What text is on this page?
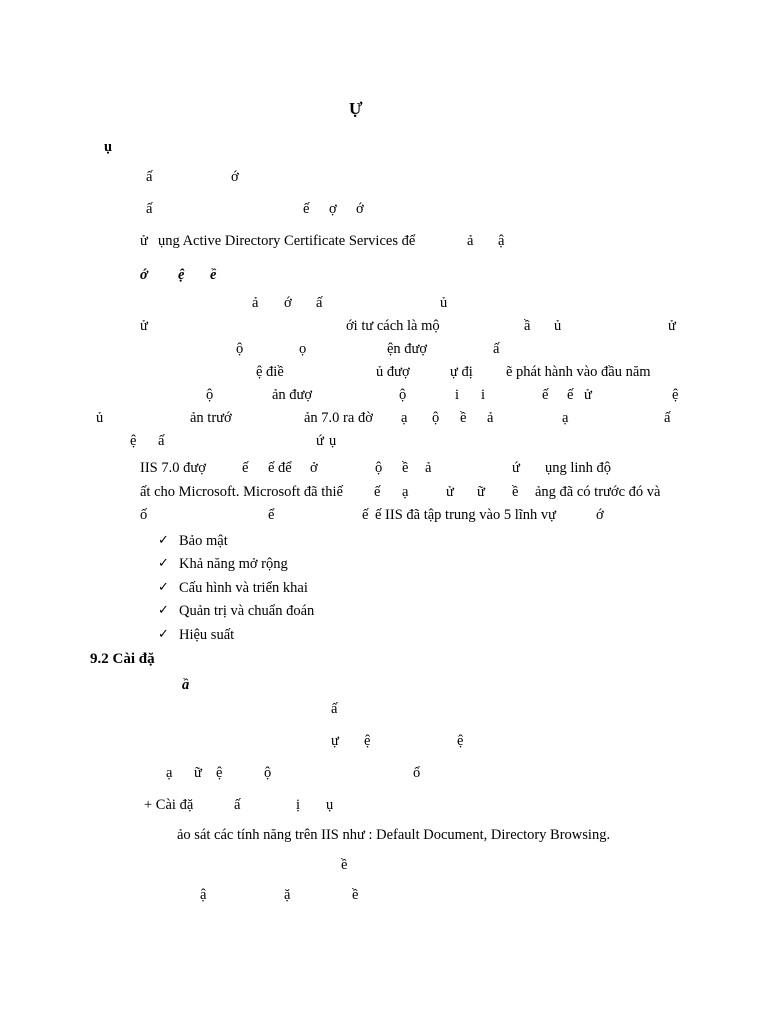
Ự
ụ
ấ	ớ
ấ	ế ợ ớ
ử ụng Active Directory Certificate Services để	ả ậ
ớ ệ ề
ả ớ ấ	ủ
ử	ới tư cách là mộ	ầ ủ	ử
ộ	ọ	ện đượ	ấ
ệ điề	ủ đượ	ự đị ẽ phát hành vào đầu năm
ộ	ản đượ	ộ	i i	ế ế ử	ệ
ủ	ản trướ	ản 7.0 ra đờ ạ ộ ề ả	ạ	ấ
ệ ấ	ứ ụ
IIS 7.0 đượ ế ế để ở	ộ ề ả	ứ ụng linh độ
ất cho Microsoft. Microsoft đã thiế ế ạ	ử ữ ề ảng đã có trước đó và
ố	ể	ế ế IIS đã tập trung vào 5 lĩnh vự	ớ
✓ Bảo mật
✓ Khả năng mở rộng
✓ Cấu hình và triển khai
✓ Quản trị và chuẩn đoán
✓ Hiệu suất
9.2 Cài đặ
ầ
ấ
ự ệ	ệ
ạ ữ ệ	ộ	ổ
+ Cài đặ	ấ	ị ụ
ảo sát các tính năng trên IIS như : Default Document, Directory Browsing.
ề
ậ	ặ	ề
